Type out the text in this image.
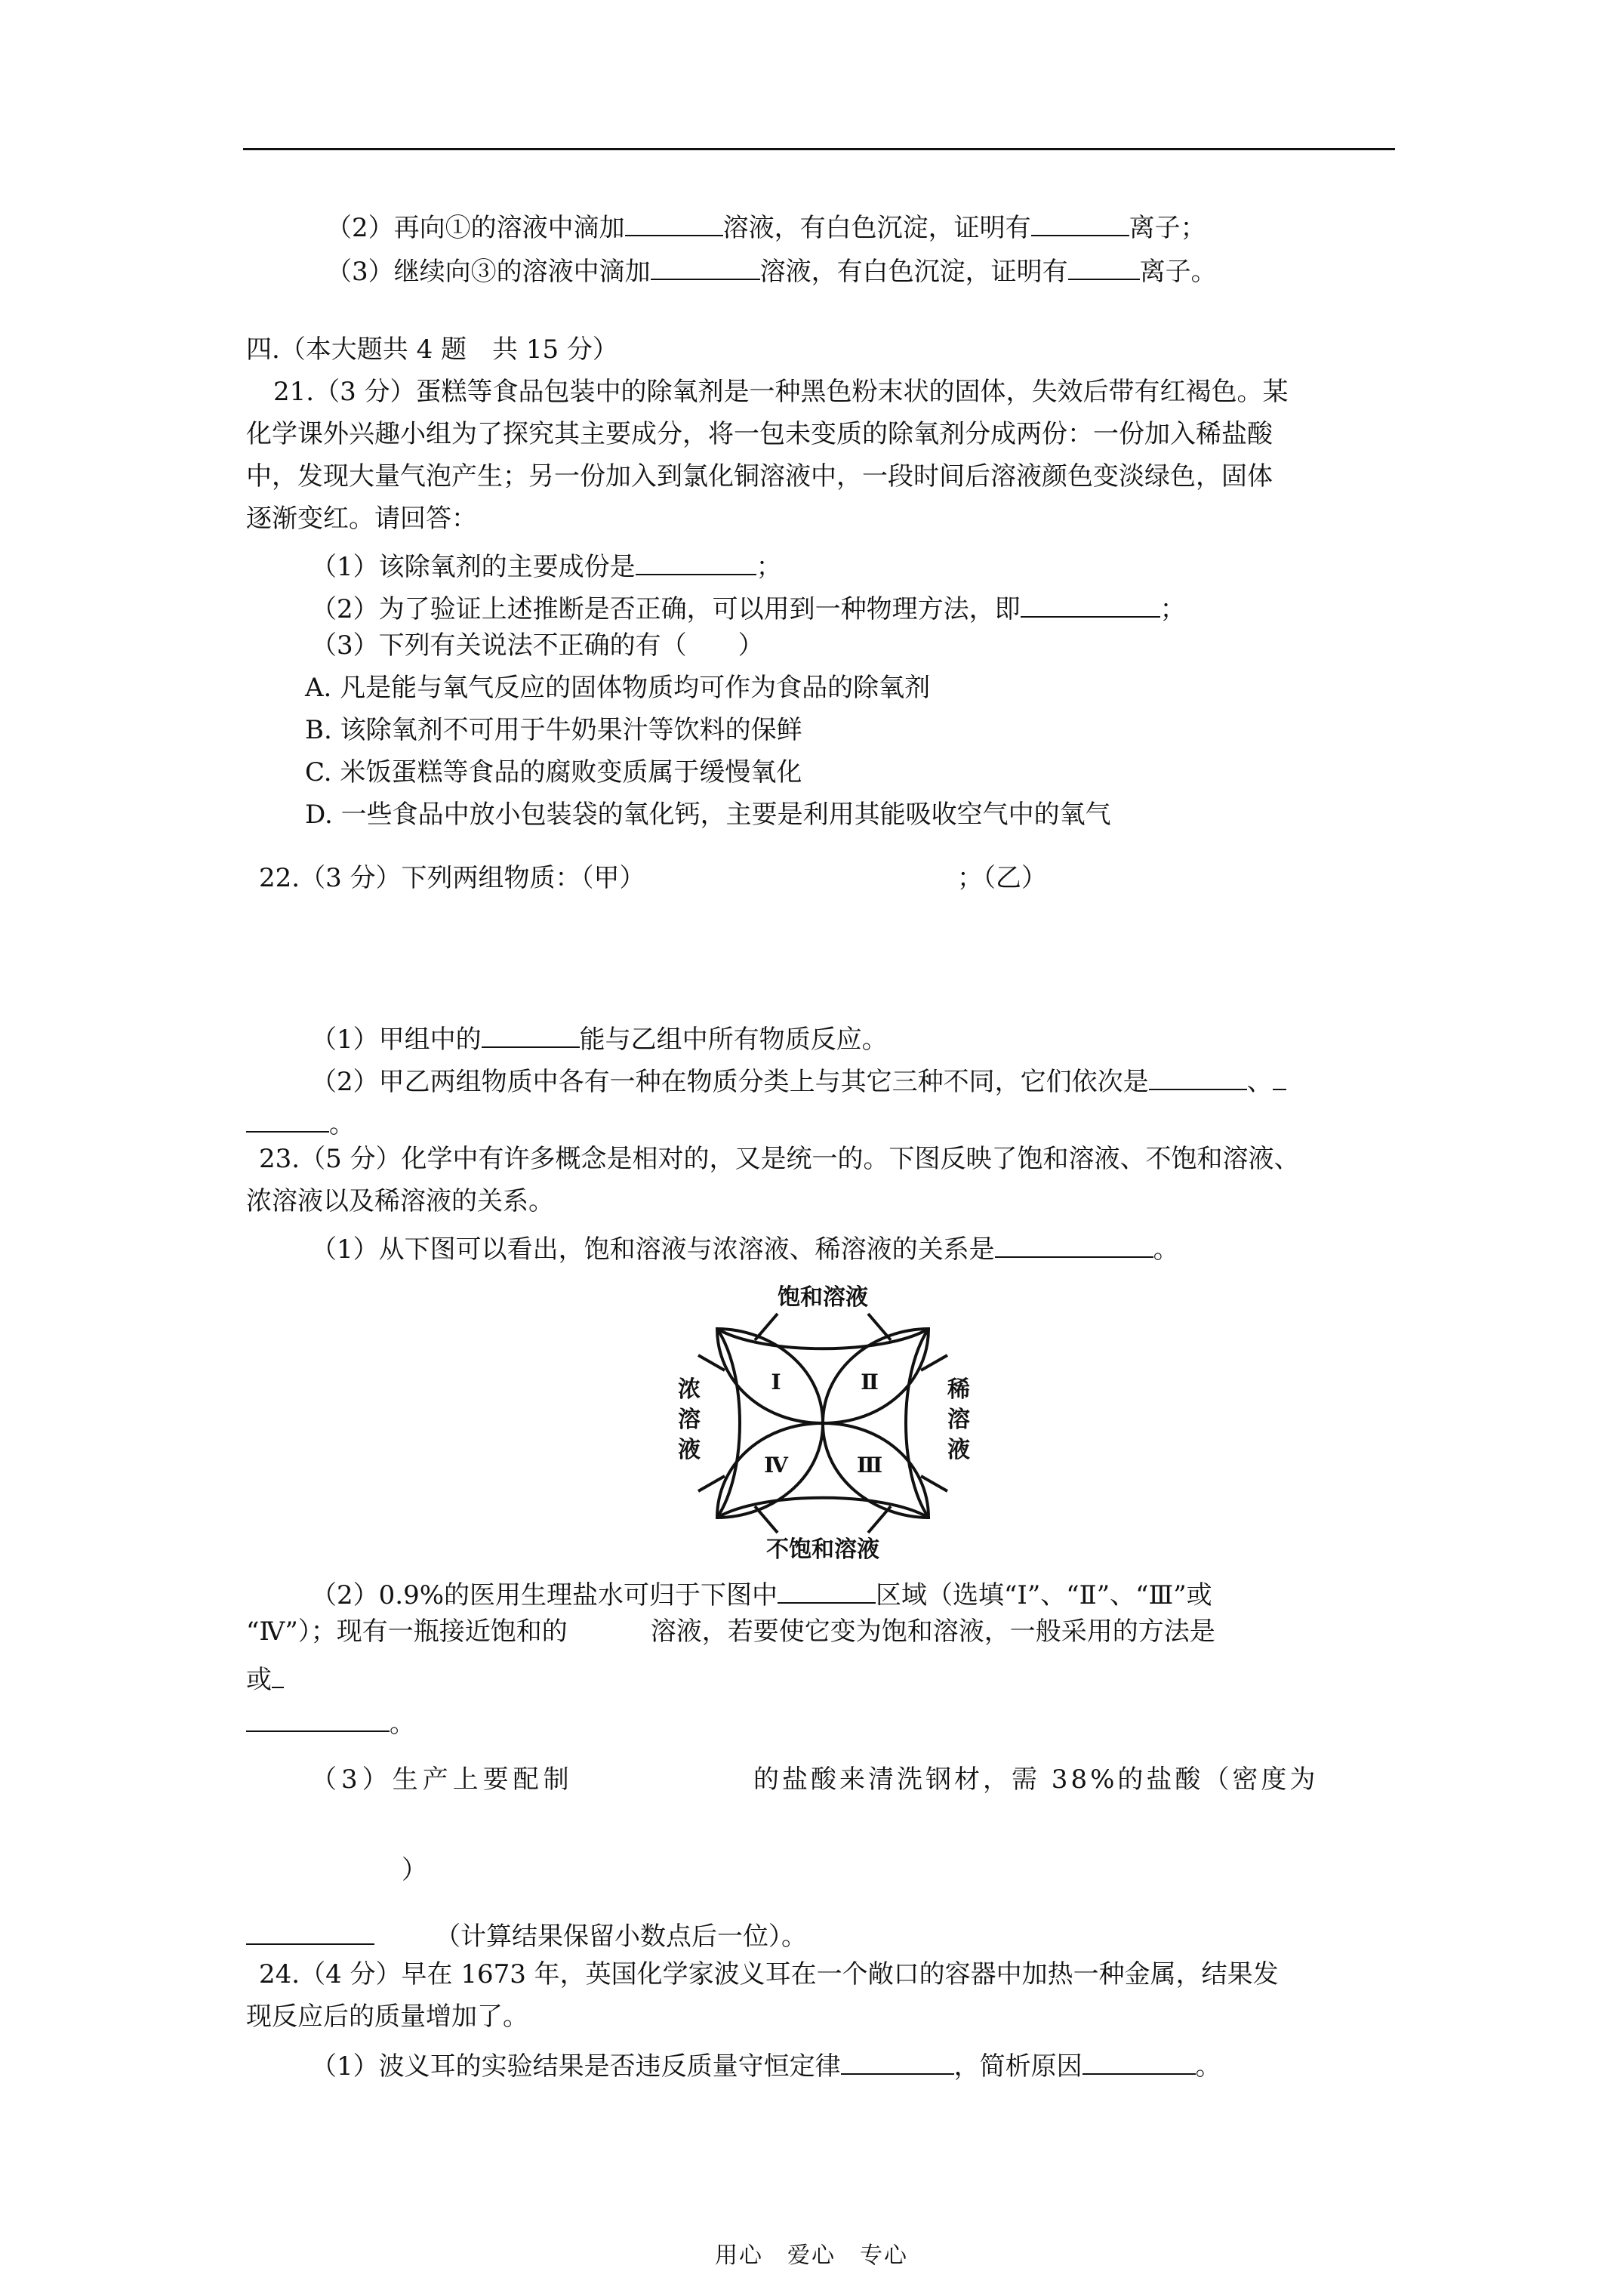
（2）再向①的溶液中滴加	溶液，有白色沉淀，证明有	离子；
（3）继续向③的溶液中滴加	溶液，有白色沉淀，证明有	离子。
四.（本大题共 4 题　共 15 分）
21.（3 分）蛋糕等食品包装中的除氧剂是一种黑色粉末状的固体，失效后带有红褐色。某
化学课外兴趣小组为了探究其主要成分，将一包未变质的除氧剂分成两份：一份加入稀盐酸
中，发现大量气泡产生；另一份加入到氯化铜溶液中，一段时间后溶液颜色变淡绿色，固体
逐渐变红。请回答：
（1）该除氧剂的主要成份是	；
（2）为了验证上述推断是否正确，可以用到一种物理方法，即	；
（3）下列有关说法不正确的有（　　）
A. 凡是能与氧气反应的固体物质均可作为食品的除氧剂
B. 该除氧剂不可用于牛奶果汁等饮料的保鲜
C. 米饭蛋糕等食品的腐败变质属于缓慢氧化
D. 一些食品中放小包装袋的氧化钙，主要是利用其能吸收空气中的氧气
22.（3 分）下列两组物质：（甲）	；（乙）
（1）甲组中的	能与乙组中所有物质反应。
（2）甲乙两组物质中各有一种在物质分类上与其它三种不同，它们依次是	、
。
23.（5 分）化学中有许多概念是相对的，又是统一的。下图反映了饱和溶液、不饱和溶液、
浓溶液以及稀溶液的关系。
（1）从下图可以看出，饱和溶液与浓溶液、稀溶液的关系是	。
饱和溶液
不饱和溶液
浓
溶
液
稀
溶
液
Ⅰ	Ⅱ
Ⅲ
Ⅳ
（2）0.9%的医用生理盐水可归于下图中	区域（选填“Ⅰ”、“Ⅱ”、“Ⅲ”或
“Ⅳ”）；现有一瓶接近饱和的	溶液，若要使它变为饱和溶液，一般采用的方法是
或
。
（3）生产上要配制	的盐酸来清洗钢材，需 38%的盐酸（密度为
）
（计算结果保留小数点后一位）。
24.（4 分）早在 1673 年，英国化学家波义耳在一个敞口的容器中加热一种金属，结果发
现反应后的质量增加了。
（1）波义耳的实验结果是否违反质量守恒定律	，简析原因	。
用心　爱心　专心
